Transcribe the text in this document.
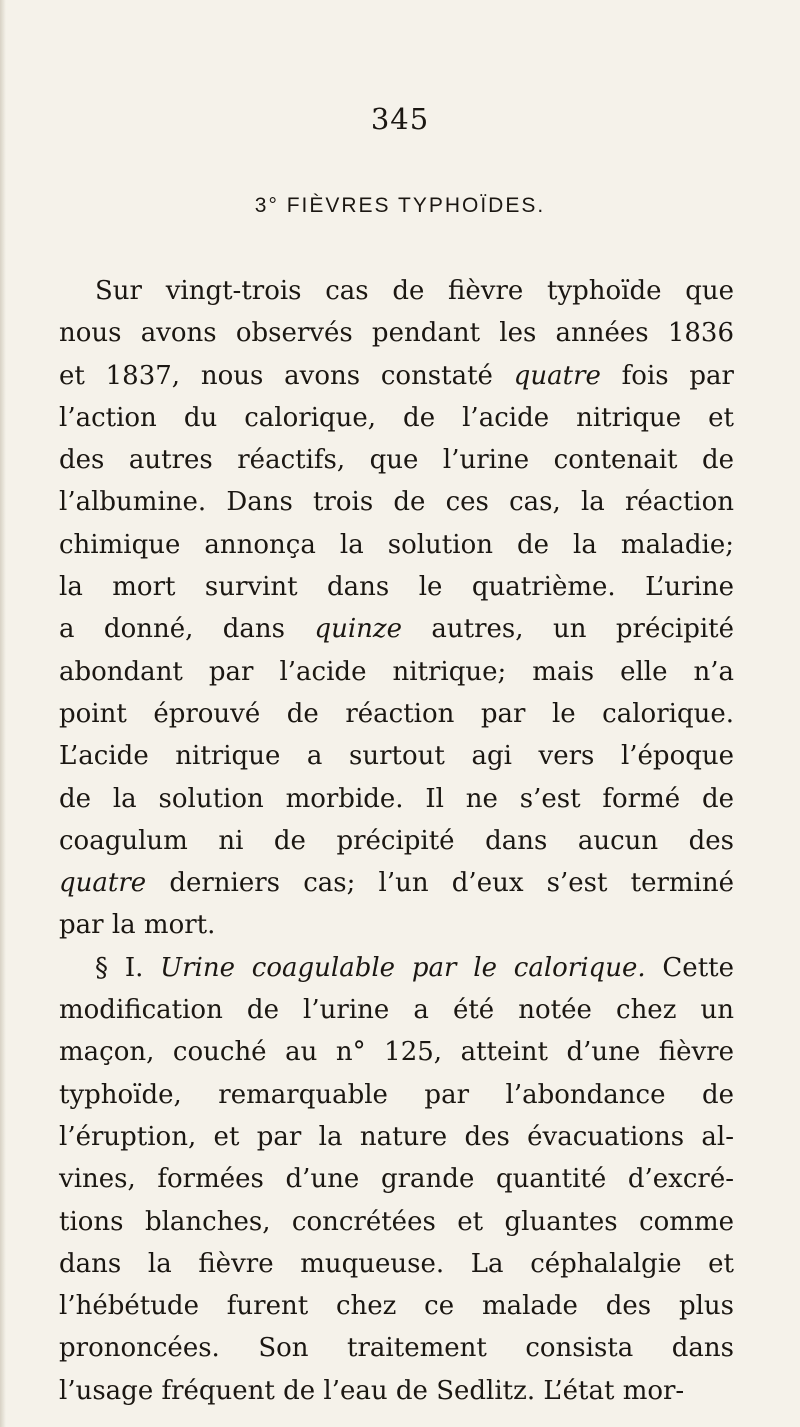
345
3° FIÈVRES TYPHOÏDES.
Sur vingt-trois cas de fièvre typhoïde que
nous avons observés pendant les années 1836
et 1837, nous avons constaté quatre fois par
l’action du calorique, de l’acide nitrique et
des autres réactifs, que l’urine contenait de
l’albumine. Dans trois de ces cas, la réaction
chimique annonça la solution de la maladie;
la mort survint dans le quatrième. L’urine
a donné, dans quinze autres, un précipité
abondant par l’acide nitrique; mais elle n’a
point éprouvé de réaction par le calorique.
L’acide nitrique a surtout agi vers l’époque
de la solution morbide. Il ne s’est formé de
coagulum ni de précipité dans aucun des
quatre derniers cas; l’un d’eux s’est terminé
par la mort.
§ I. Urine coagulable par le calorique. Cette
modification de l’urine a été notée chez un
maçon, couché au n° 125, atteint d’une fièvre
typhoïde, remarquable par l’abondance de
l’éruption, et par la nature des évacuations al-
vines, formées d’une grande quantité d’excré-
tions blanches, concrétées et gluantes comme
dans la fièvre muqueuse. La céphalalgie et
l’hébétude furent chez ce malade des plus
prononcées. Son traitement consista dans
l’usage fréquent de l’eau de Sedlitz. L’état mor-
